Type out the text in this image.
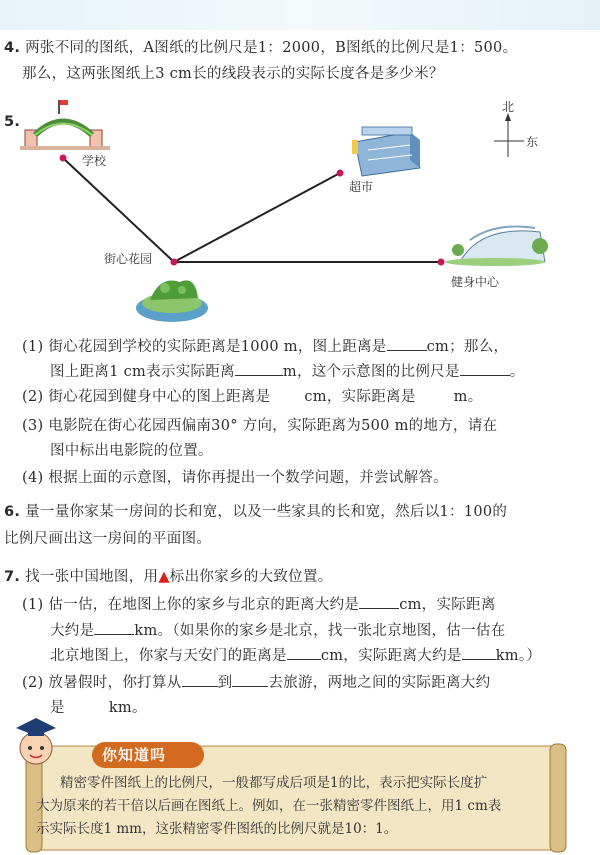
4. 两张不同的图纸，A图纸的比例尺是1：2000，B图纸的比例尺是1：500。
那么，这两张图纸上3 cm长的线段表示的实际长度各是多少米？
5.
学校
超市
街心花园
健身中心
北
东
(1) 街心花园到学校的实际距离是1000 m，图上距离是	cm；那么，
图上距离1 cm表示实际距离	m，这个示意图的比例尺是	。
(2) 街心花园到健身中心的图上距离是 cm，实际距离是	m。
(3) 电影院在街心花园西偏南30° 方向，实际距离为500 m的地方，请在
图中标出电影院的位置。
(4) 根据上面的示意图，请你再提出一个数学问题，并尝试解答。
6. 量一量你家某一房间的长和宽，以及一些家具的长和宽，然后以1：100的
比例尺画出这一房间的平面图。
7. 找一张中国地图，用▲标出你家乡的大致位置。
(1) 估一估，在地图上你的家乡与北京的距离大约是	cm，实际距离
大约是	km。（如果你的家乡是北京，找一张北京地图，估一估在
北京地图上，你家与天安门的距离是 cm，实际距离大约是 km。）
(2) 放暑假时，你打算从 到 去旅游，两地之间的实际距离大约
是	km。
你知道吗
精密零件图纸上的比例尺，一般都写成后项是1的比，表示把实际长度扩
大为原来的若干倍以后画在图纸上。例如，在一张精密零件图纸上，用1 cm表
示实际长度1 mm，这张精密零件图纸的比例尺就是10：1。
